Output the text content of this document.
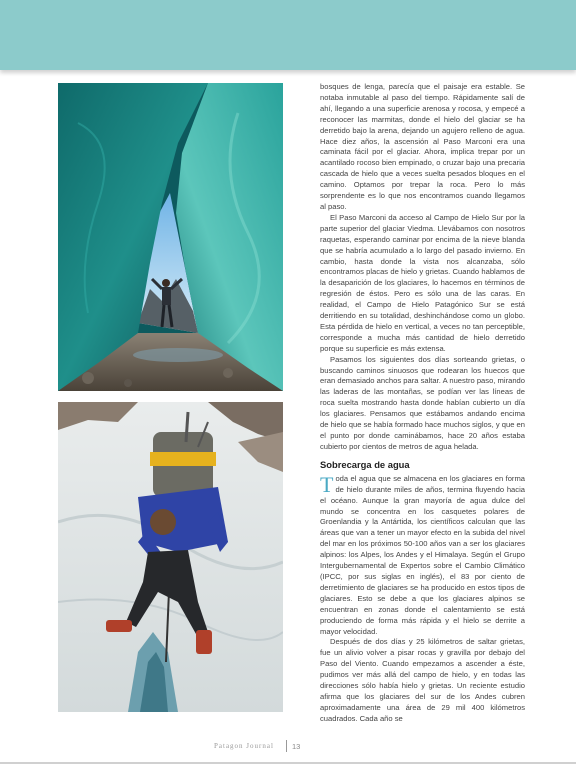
bosques de lenga, parecía que el paisaje era estable. Se notaba inmutable al paso del tiempo. Rápidamente salí de ahí, llegando a una superficie arenosa y rocosa, y empecé a reconocer las marmitas, donde el hielo del glaciar se ha derretido bajo la arena, dejando un agujero relleno de agua. Hace diez años, la ascensión al Paso Marconi era una caminata fácil por el glaciar. Ahora, implica trepar por un acantilado rocoso bien empinado, o cruzar bajo una precaria cascada de hielo que a veces suelta pesados bloques en el camino. Optamos por trepar la roca. Pero lo más sorprendente es lo que nos encontramos cuando llegamos al paso.

El Paso Marconi da acceso al Campo de Hielo Sur por la parte superior del glaciar Viedma. Llevábamos con nosotros raquetas, esperando caminar por encima de la nieve blanda que se habría acumulado a lo largo del pasado invierno. En cambio, hasta donde la vista nos alcanzaba, sólo encontramos placas de hielo y grietas. Cuando hablamos de la desaparición de los glaciares, lo hacemos en términos de regresión de éstos. Pero es sólo una de las caras. En realidad, el Campo de Hielo Patagónico Sur se está derritiendo en su totalidad, deshinchándose como un globo. Esta pérdida de hielo en vertical, a veces no tan perceptible, corresponde a mucha más cantidad de hielo derretido porque su superficie es más extensa.

Pasamos los siguientes dos días sorteando grietas, o buscando caminos sinuosos que rodearan los huecos que eran demasiado anchos para saltar. A nuestro paso, mirando las laderas de las montañas, se podían ver las líneas de roca suelta mostrando hasta donde habían cubierto un día los glaciares. Pensamos que estábamos andando encima de hielo que se había formado hace muchos siglos, y que en el punto por donde caminábamos, hace 20 años estaba cubierto por cientos de metros de agua helada.

Sobrecarga de agua

Toda el agua que se almacena en los glaciares en forma de hielo durante miles de años, termina fluyendo hacia el océano. Aunque la gran mayoría de agua dulce del mundo se concentra en los casquetes polares de Groenlandia y la Antártida, los científicos calculan que las áreas que van a tener un mayor efecto en la subida del nivel del mar en los próximos 50-100 años van a ser los glaciares alpinos: los Alpes, los Andes y el Himalaya. Según el Grupo Intergubernamental de Expertos sobre el Cambio Climático (IPCC, por sus siglas en inglés), el 83 por ciento de derretimiento de glaciares se ha producido en estos tipos de glaciares. Esto se debe a que los glaciares alpinos se encuentran en zonas donde el calentamiento se está produciendo de forma más rápida y el hielo se derrite a mayor velocidad.

Después de dos días y 25 kilómetros de saltar grietas, fue un alivio volver a pisar rocas y gravilla por debajo del Paso del Viento. Cuando empezamos a ascender a éste, pudimos ver más allá del campo de hielo, y en todas las direcciones sólo había hielo y grietas. Un reciente estudio afirma que los glaciares del sur de los Andes cubren aproximadamente una área de 29 mil 400 kilómetros cuadrados. Cada año se

Patagon Journal 13
